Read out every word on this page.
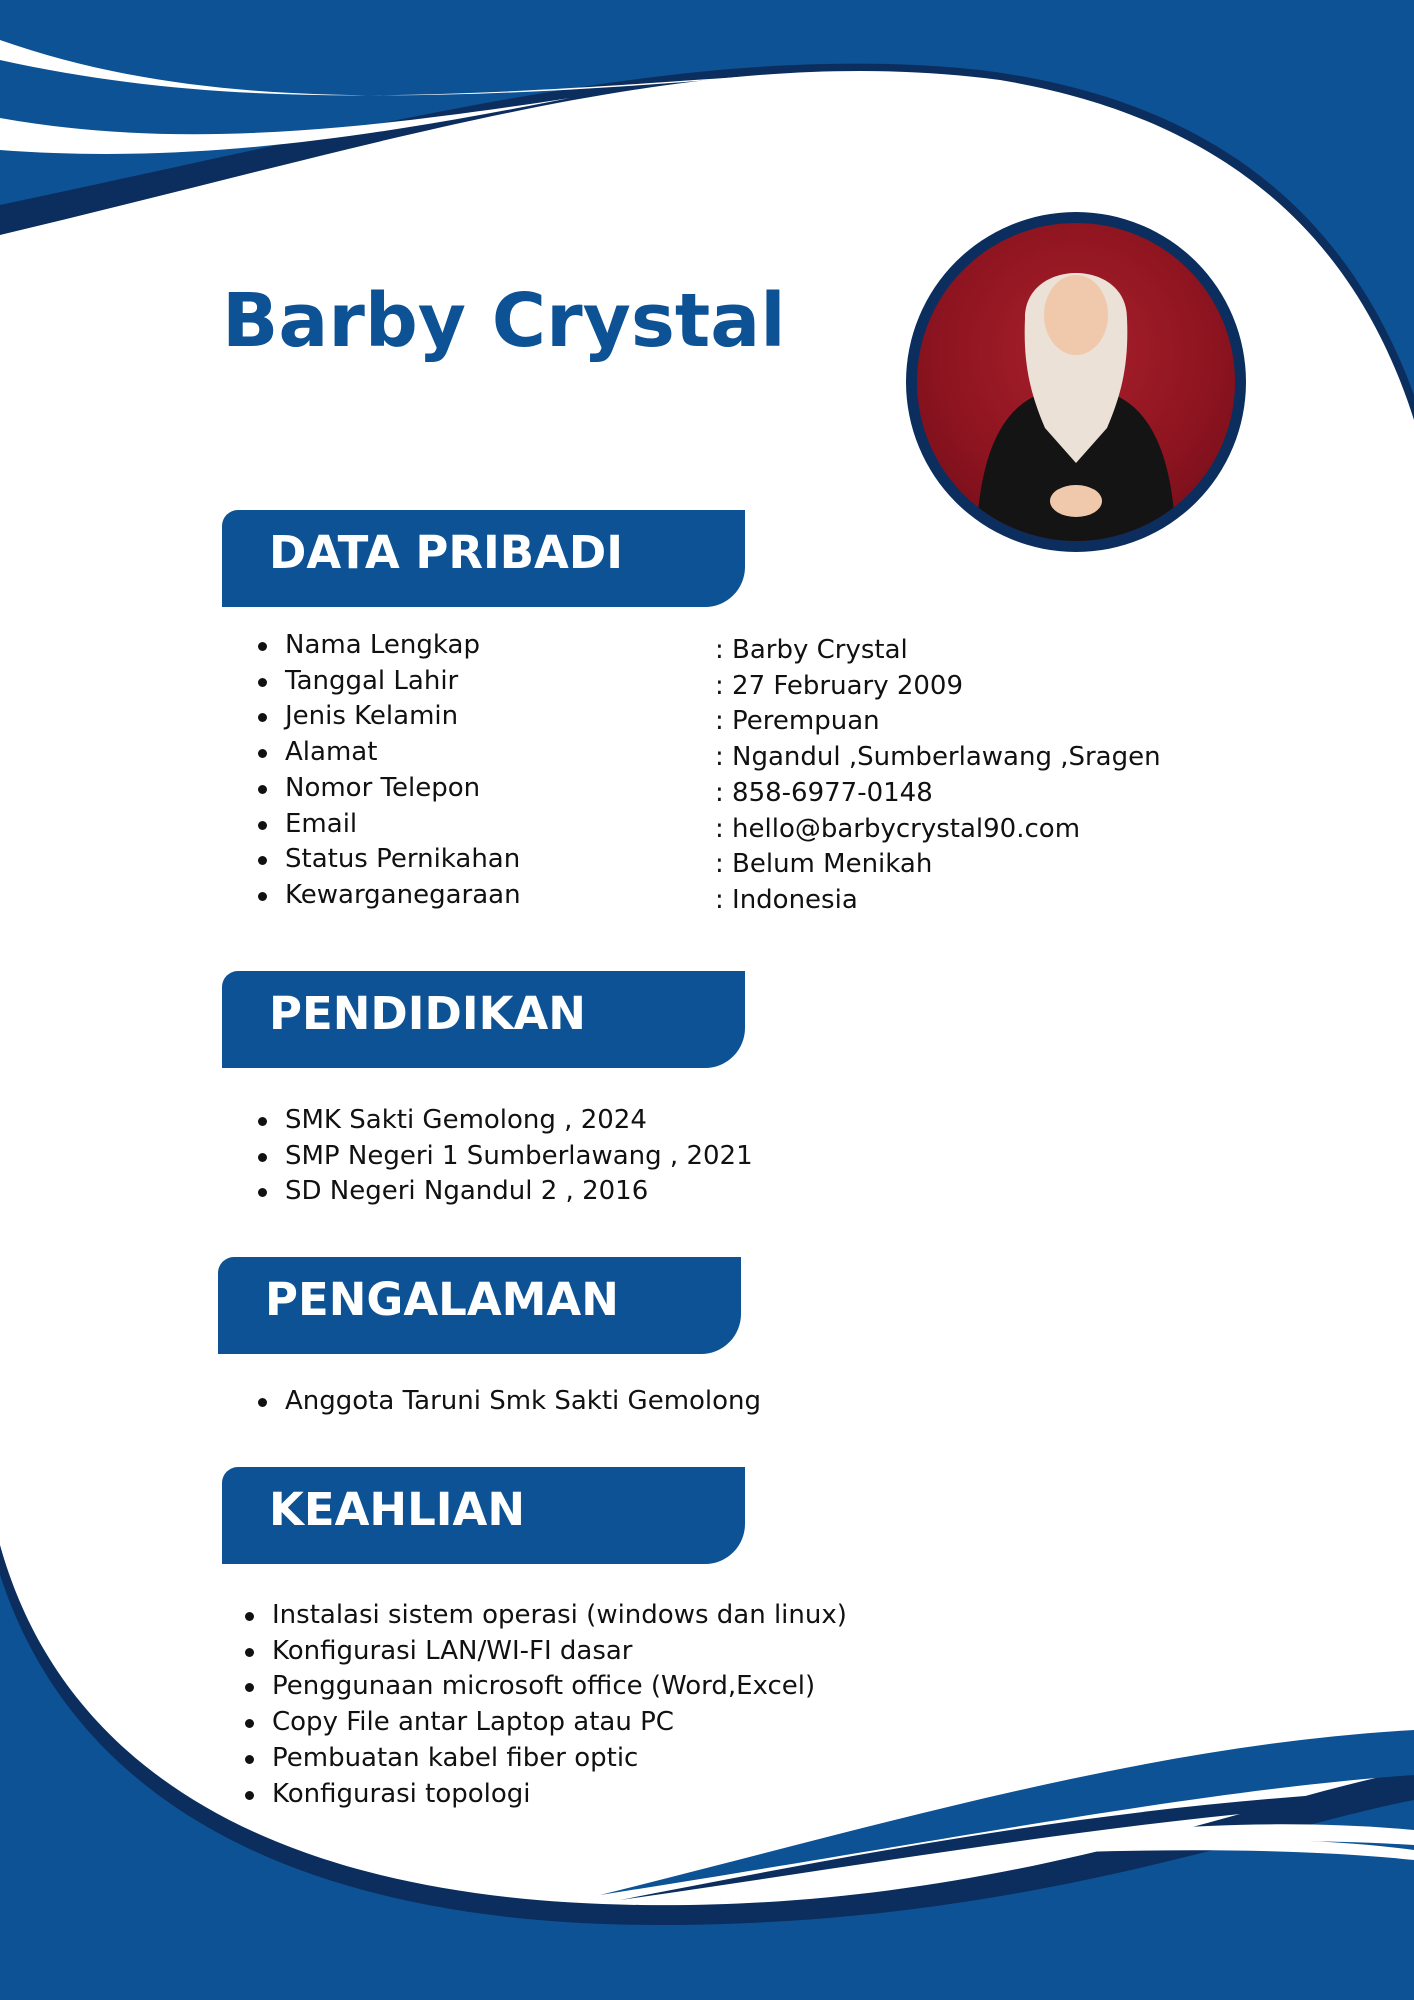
Barby Crystal
DATA PRIBADI
Nama Lengkap
Tanggal Lahir
Jenis Kelamin
Alamat
Nomor Telepon
Email
Status Pernikahan
Kewarganegaraan
: Barby Crystal
: 27 February 2009
: Perempuan
: Ngandul ,Sumberlawang ,Sragen
: 858-6977-0148
: hello@barbycrystal90.com
: Belum Menikah
: Indonesia
PENDIDIKAN
SMK Sakti Gemolong , 2024
SMP Negeri 1 Sumberlawang , 2021
SD Negeri Ngandul 2 , 2016
PENGALAMAN
Anggota Taruni Smk Sakti Gemolong
KEAHLIAN
Instalasi sistem operasi (windows dan linux)
Konfigurasi LAN/WI-FI dasar
Penggunaan microsoft office (Word,Excel)
Copy File antar Laptop atau PC
Pembuatan kabel fiber optic
Konfigurasi topologi
